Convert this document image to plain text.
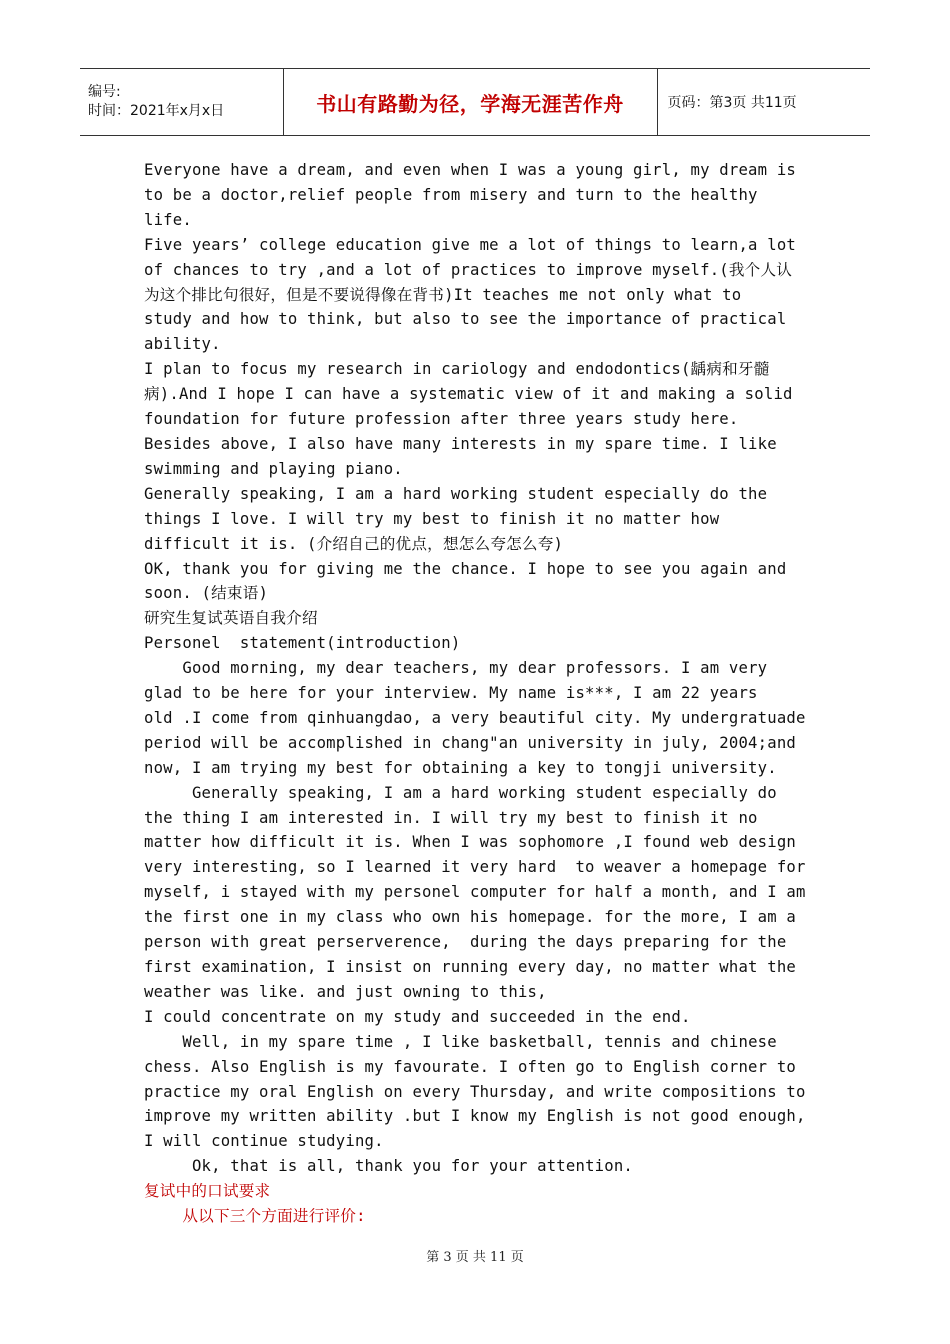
编号:
时间：2021年x月x日	书山有路勤为径，学海无涯苦作舟	页码：第3页 共11页

Everyone have a dream, and even when I was a young girl, my dream is
to be a doctor,relief people from misery and turn to the healthy
life.

Five years’ college education give me a lot of things to learn,a lot
of chances to try ,and a lot of practices to improve myself.(我个人认
为这个排比句很好，但是不要说得像在背书)It teaches me not only what to
study and how to think, but also to see the importance of practical
ability.

I plan to focus my research in cariology and endodontics(龋病和牙髓
病).And I hope I can have a systematic view of it and making a solid
foundation for future profession after three years study here.

Besides above, I also have many interests in my spare time. I like
swimming and playing piano.

Generally speaking, I am a hard working student especially do the
things I love. I will try my best to finish it no matter how
difficult it is. (介绍自己的优点，想怎么夸怎么夸)

OK, thank you for giving me the chance. I hope to see you again and
soon. (结束语)

研究生复试英语自我介绍

Personel  statement(introduction)

Good morning, my dear teachers, my dear professors. I am very
glad to be here for your interview. My name is***, I am 22 years
old .I come from qinhuangdao, a very beautiful city. My undergratuade
period will be accomplished in chang"an university in july, 2004;and
now, I am trying my best for obtaining a key to tongji university.

Generally speaking, I am a hard working student especially do
the thing I am interested in. I will try my best to finish it no
matter how difficult it is. When I was sophomore ,I found web design
very interesting, so I learned it very hard  to weaver a homepage for
myself, i stayed with my personel computer for half a month, and I am
the first one in my class who own his homepage. for the more, I am a
person with great perserverence,  during the days preparing for the
first examination, I insist on running every day, no matter what the
weather was like. and just owning to this,

I could concentrate on my study and succeeded in the end.

Well, in my spare time , I like basketball, tennis and chinese
chess. Also English is my favourate. I often go to English corner to
practice my oral English on every Thursday, and write compositions to
improve my written ability .but I know my English is not good enough,
I will continue studying.

Ok, that is all, thank you for your attention.

复试中的口试要求

从以下三个方面进行评价:

第 3 页 共 11 页
